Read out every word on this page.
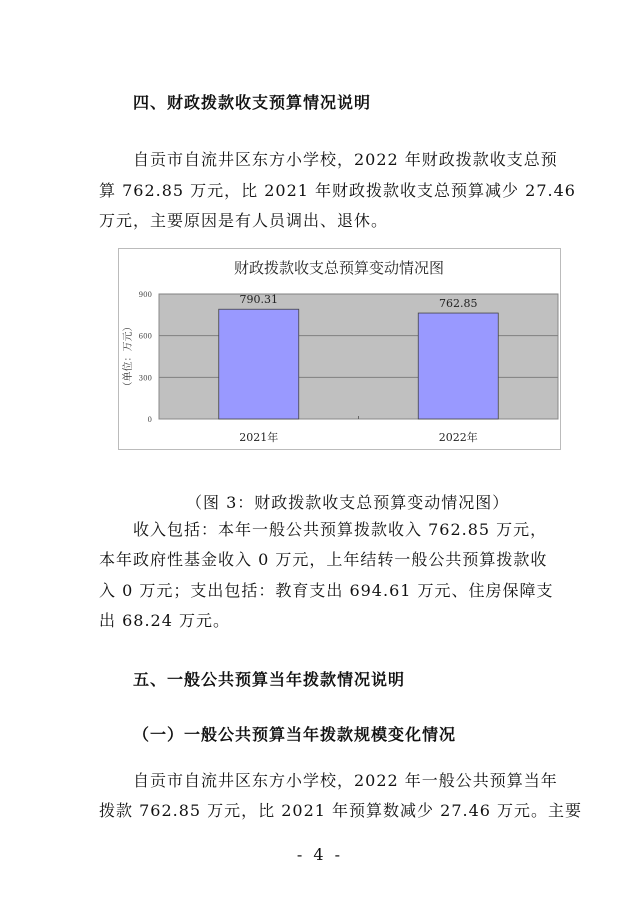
四、财政拨款收支预算情况说明
自贡市自流井区东方小学校，2022 年财政拨款收支总预
算 762.85 万元，比 2021 年财政拨款收支总预算减少 27.46
万元，主要原因是有人员调出、退休。
财政拨款收支总预算变动情况图
0
300
600
900
（单位：万元）
790.31
2021年
762.85
2022年
（图 3：财政拨款收支总预算变动情况图）
收入包括：本年一般公共预算拨款收入 762.85 万元，
本年政府性基金收入 0 万元，上年结转一般公共预算拨款收
入 0 万元；支出包括：教育支出 694.61 万元、住房保障支
出 68.24 万元。
五、一般公共预算当年拨款情况说明
（一）一般公共预算当年拨款规模变化情况
自贡市自流井区东方小学校，2022 年一般公共预算当年
拨款 762.85 万元，比 2021 年预算数减少 27.46 万元。主要
- 4 -
